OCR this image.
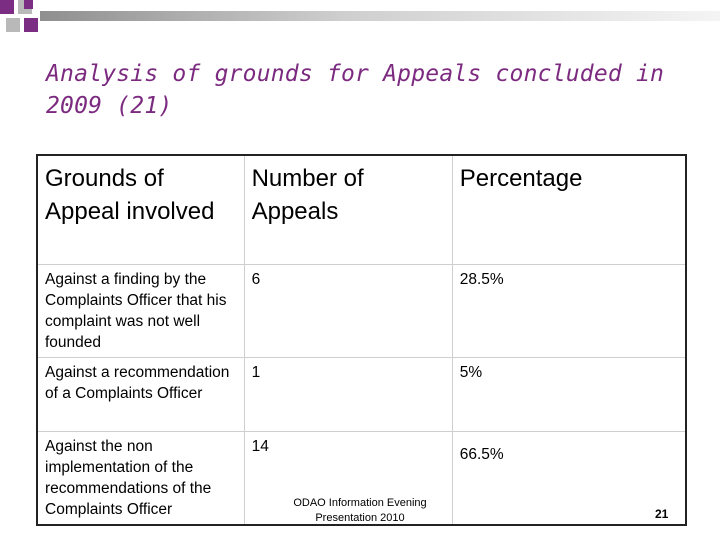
Analysis of grounds for Appeals concluded in 2009 (21)
Grounds of Appeal involved	Number of Appeals	Percentage
Against a finding by the Complaints Officer that his complaint was not well founded	6	28.5%
Against a recommendation of a Complaints Officer	1	5%
Against the non implementation of the recommendations of the Complaints Officer	14	66.5%
ODAO Information Evening
Presentation 2010	21
